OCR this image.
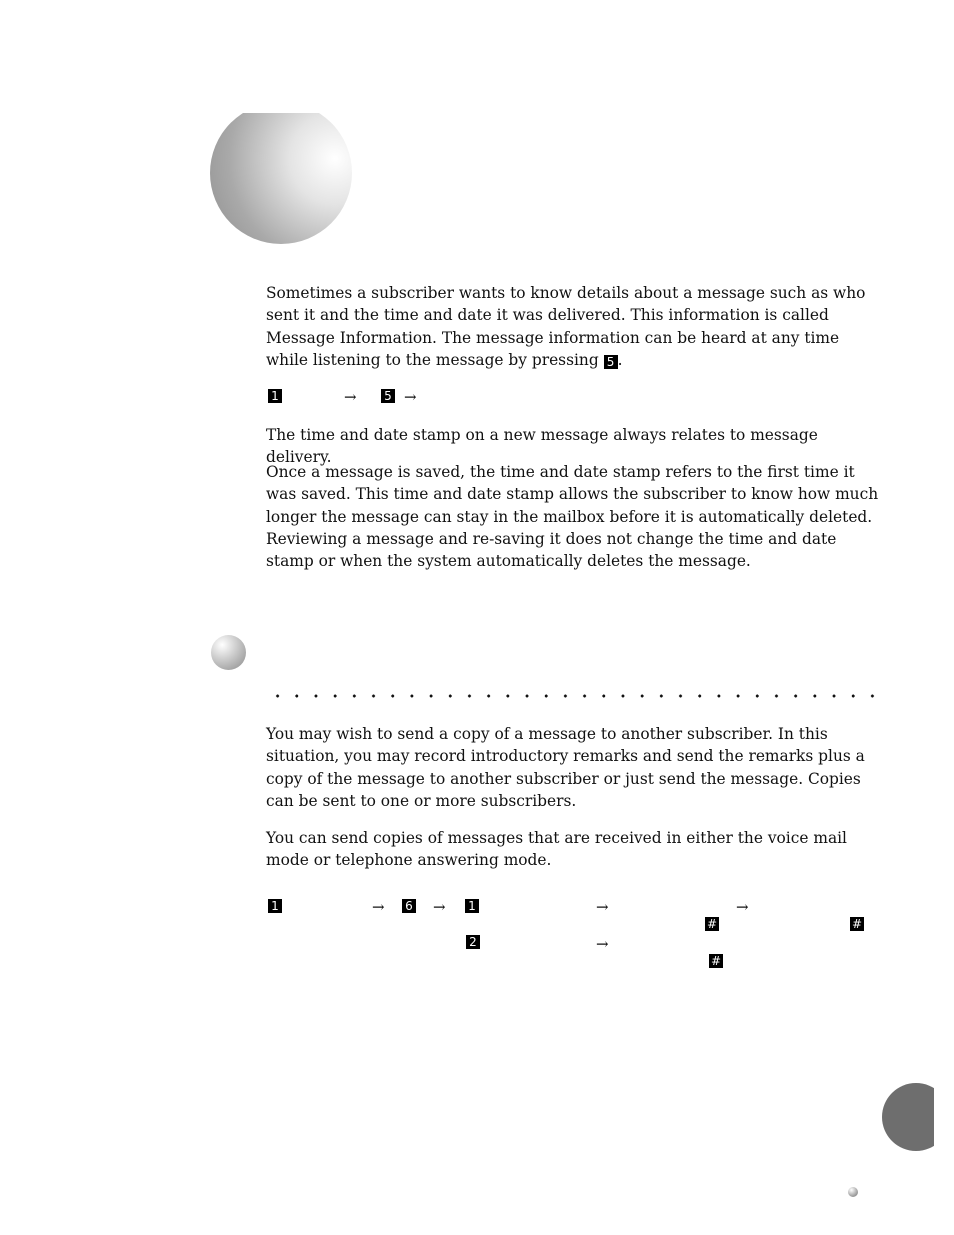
Sometimes a subscriber wants to know details about a message such as who sent it and the time and date it was delivered. This information is called Message Information. The message information can be heard at any time while listening to the message by pressing 5 .

1	→ 5 →

The time and date stamp on a new message always relates to message delivery.

Once a message is saved, the time and date stamp refers to the first time it was saved. This time and date stamp allows the subscriber to know how much longer the message can stay in the mailbox before it is automatically deleted. Reviewing a message and re-saving it does not change the time and date stamp or when the system automatically deletes the message.

You may wish to send a copy of a message to another subscriber. In this situation, you may record introductory remarks and send the remarks plus a copy of the message to another subscriber or just send the message. Copies can be sent to one or more subscribers.

You can send copies of messages that are received in either the voice mail mode or telephone answering mode.

1	→ 6 → 1	→	→
#	#
2	→
#
